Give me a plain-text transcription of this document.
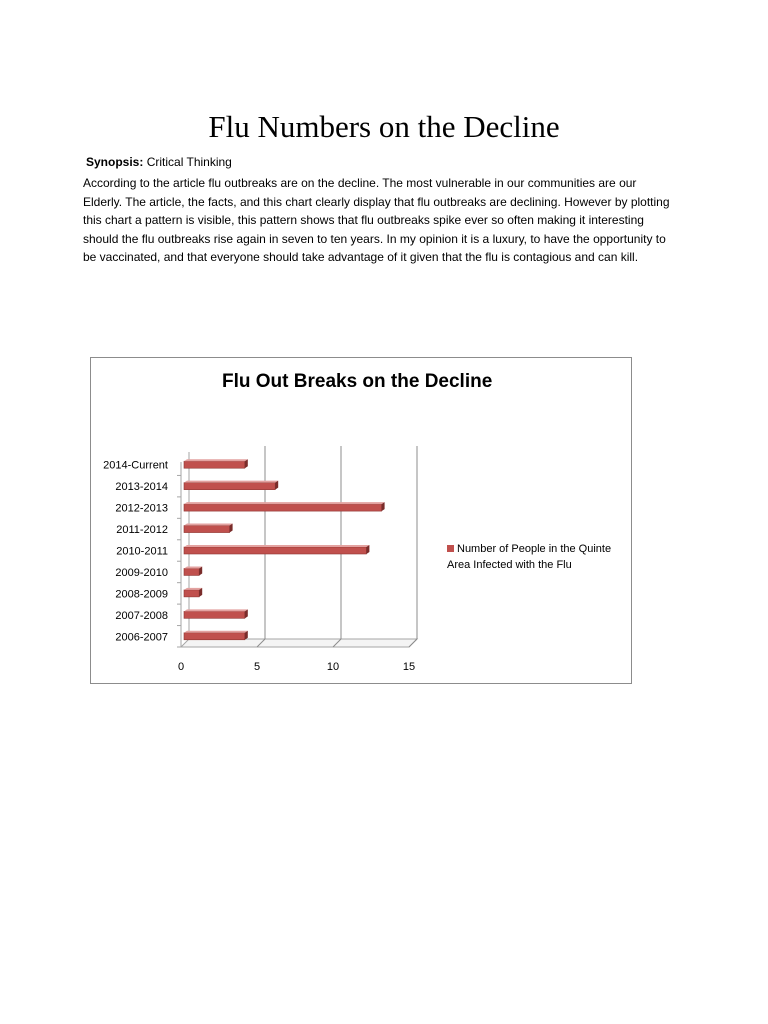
Flu Numbers on the Decline
Synopsis: Critical Thinking

According to the article flu outbreaks are on the decline. The most vulnerable in our communities are our Elderly. The article, the facts, and this chart clearly display that flu outbreaks are declining. However by plotting this chart a pattern is visible, this pattern shows that flu outbreaks spike ever so often making it interesting should the flu outbreaks rise again in seven to ten years. In my opinion it is a luxury, to have the opportunity to be vaccinated, and that everyone should take advantage of it given that the flu is contagious and can kill.

Flu Out Breaks on the Decline
0	5	10	15
2006-2007
2007-2008
2008-2009
2009-2010
2010-2011
2011-2012
2012-2013
2013-2014
2014-Current
Number of People in the Quinte Area Infected with the Flu
